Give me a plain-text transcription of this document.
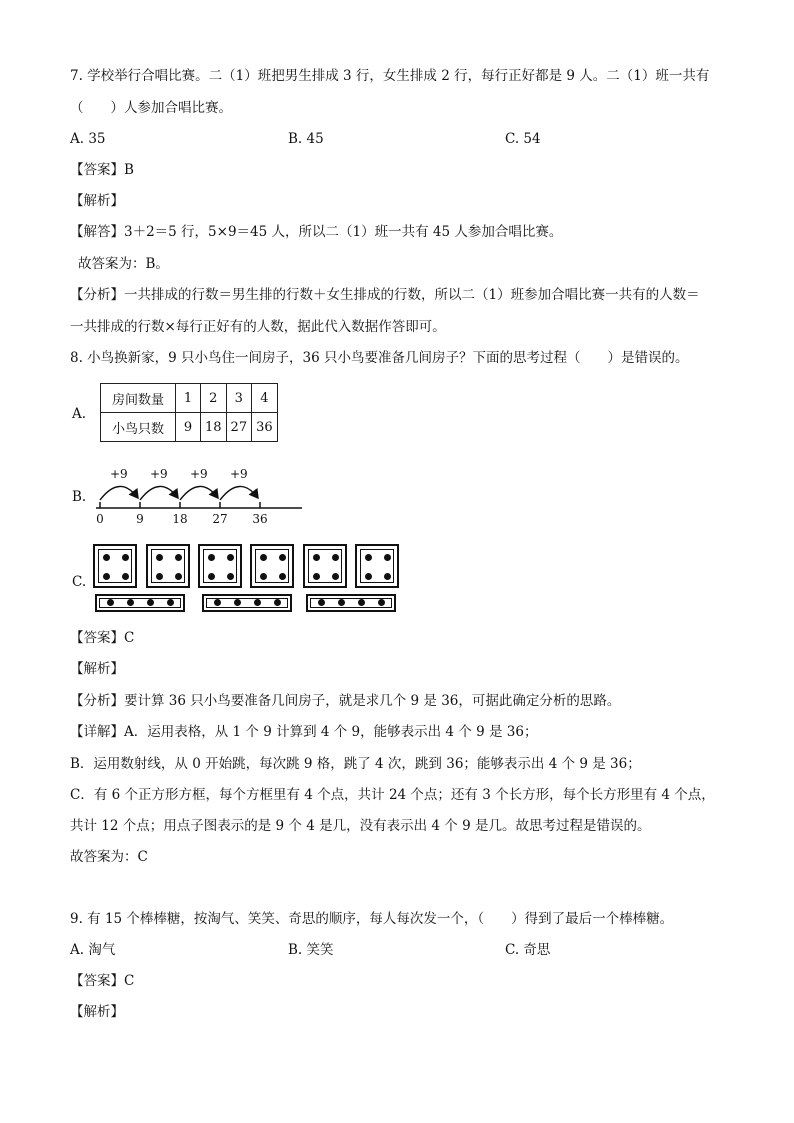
7. 学校举行合唱比赛。二（1）班把男生排成 3 行，女生排成 2 行，每行正好都是 9 人。二（1）班一共有
（　　）人参加合唱比赛。
A. 35	B. 45	C. 54
【答案】B
【解析】
【解答】3＋2＝5 行，5×9＝45 人，所以二（1）班一共有 45 人参加合唱比赛。
故答案为：B。
【分析】一共排成的行数＝男生排的行数＋女生排成的行数，所以二（1）班参加合唱比赛一共有的人数＝
一共排成的行数×每行正好有的人数，据此代入数据作答即可。
8. 小鸟换新家，9 只小鸟住一间房子，36 只小鸟要准备几间房子？下面的思考过程（　　）是错误的。
A.
房间数量	1	2	3	4
小鸟只数	9	18	27	36
B.
0	9	18 27 36
+9 +9 +9 +9
C.
【答案】C
【解析】
【分析】要计算 36 只小鸟要准备几间房子，就是求几个 9 是 36，可据此确定分析的思路。
【详解】A．运用表格，从 1 个 9 计算到 4 个 9，能够表示出 4 个 9 是 36；
B．运用数射线，从 0 开始跳，每次跳 9 格，跳了 4 次，跳到 36；能够表示出 4 个 9 是 36；
C．有 6 个正方形方框，每个方框里有 4 个点，共计 24 个点；还有 3 个长方形，每个长方形里有 4 个点，
共计 12 个点；用点子图表示的是 9 个 4 是几，没有表示出 4 个 9 是几。故思考过程是错误的。
故答案为：C
9. 有 15 个棒棒糖，按淘气、笑笑、奇思的顺序，每人每次发一个，（　　）得到了最后一个棒棒糖。
A. 淘气	B. 笑笑	C. 奇思
【答案】C
【解析】
